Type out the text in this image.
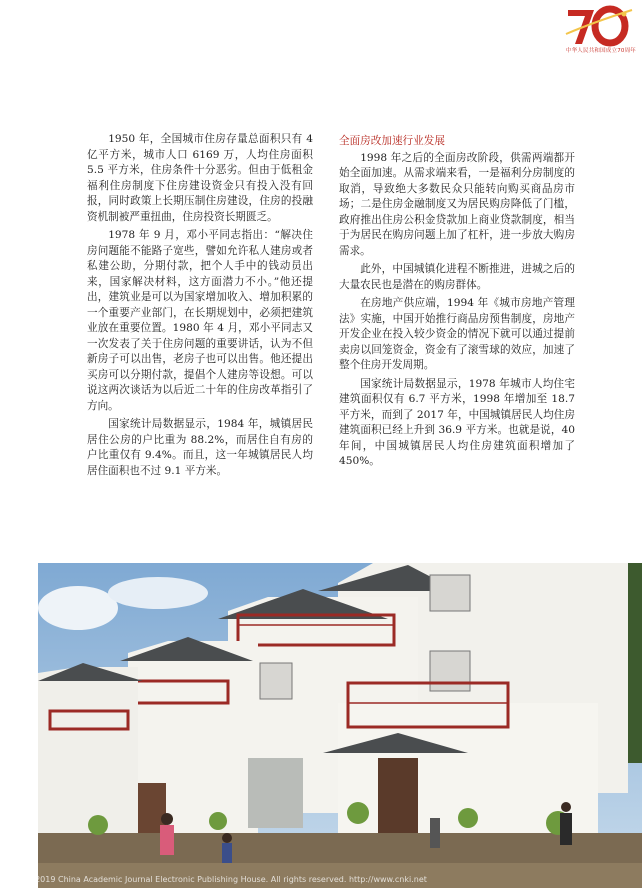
中华人民共和国成立70周年

1950 年，全国城市住房存量总面积只有 4 亿平方米，城市人口 6169 万，人均住房面积 5.5 平方米，住房条件十分恶劣。但由于低租金福利住房制度下住房建设资金只有投入没有回报，同时政策上长期压制住房建设，住房的投融资机制被严重扭曲，住房投资长期匮乏。

1978 年 9 月，邓小平同志指出：“解决住房问题能不能路子宽些，譬如允许私人建房或者私建公助，分期付款，把个人手中的钱动员出来，国家解决材料，这方面潜力不小。”他还提出，建筑业是可以为国家增加收入、增加积累的一个重要产业部门，在长期规划中，必须把建筑业放在重要位置。1980 年 4 月，邓小平同志又一次发表了关于住房问题的重要讲话，认为不但新房子可以出售，老房子也可以出售。他还提出买房可以分期付款，提倡个人建房等设想。可以说这两次谈话为以后近二十年的住房改革指引了方向。

国家统计局数据显示，1984 年，城镇居民居住公房的户比重为 88.2%，而居住自有房的户比重仅有 9.4%。而且，这一年城镇居民人均居住面积也不过 9.1 平方米。

全面房改加速行业发展

1998 年之后的全面房改阶段，供需两端都开始全面加速。从需求端来看，一是福利分房制度的取消，导致绝大多数民众只能转向购买商品房市场；二是住房金融制度又为居民购房降低了门槛，政府推出住房公积金贷款加上商业贷款制度，相当于为居民在购房问题上加了杠杆，进一步放大购房需求。

此外，中国城镇化进程不断推进，进城之后的大量农民也是潜在的购房群体。

在房地产供应端，1994 年《城市房地产管理法》实施，中国开始推行商品房预售制度，房地产开发企业在投入较少资金的情况下就可以通过提前卖房以回笼资金，资金有了滚雪球的效应，加速了整个住房开发周期。

国家统计局数据显示，1978 年城市人均住宅建筑面积仅有 6.7 平方米，1998 年增加至 18.7 平方米，而到了 2017 年，中国城镇居民人均住房建筑面积已经上升到 36.9 平方米。也就是说，40 年间，中国城镇居民人均住房建筑面积增加了 450%。

(C)1994-2019 China Academic Journal Electronic Publishing House. All rights reserved. http://www.cnki.net
